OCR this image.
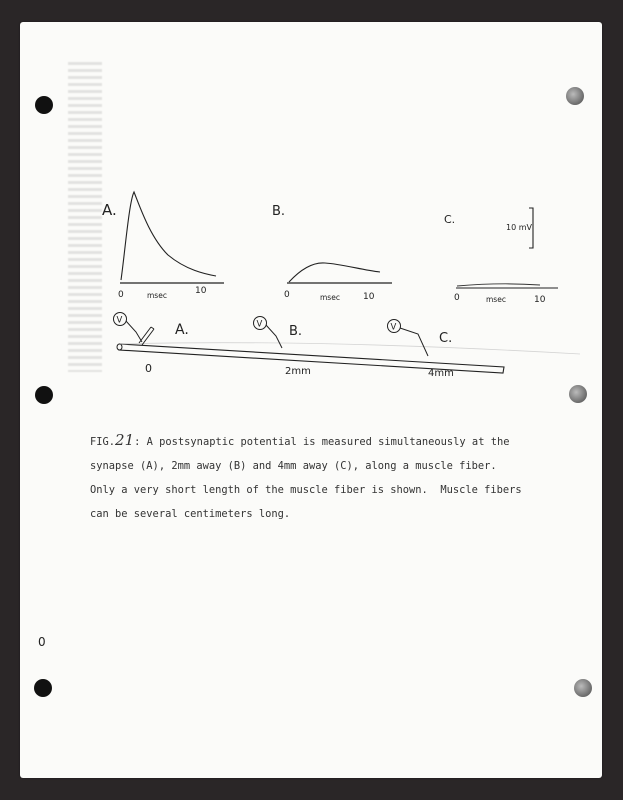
A.
0	10
msec
B.
0	10
msec
C.
0	10
msec
10 mV
V
A.
0
V B.
2mm
V
C.
4mm
0

FIG.21: A postsynaptic potential is measured simultaneously at the

synapse (A), 2mm away (B) and 4mm away (C), along a muscle fiber.

Only a very short length of the muscle fiber is shown.  Muscle fibers

can be several centimeters long.
